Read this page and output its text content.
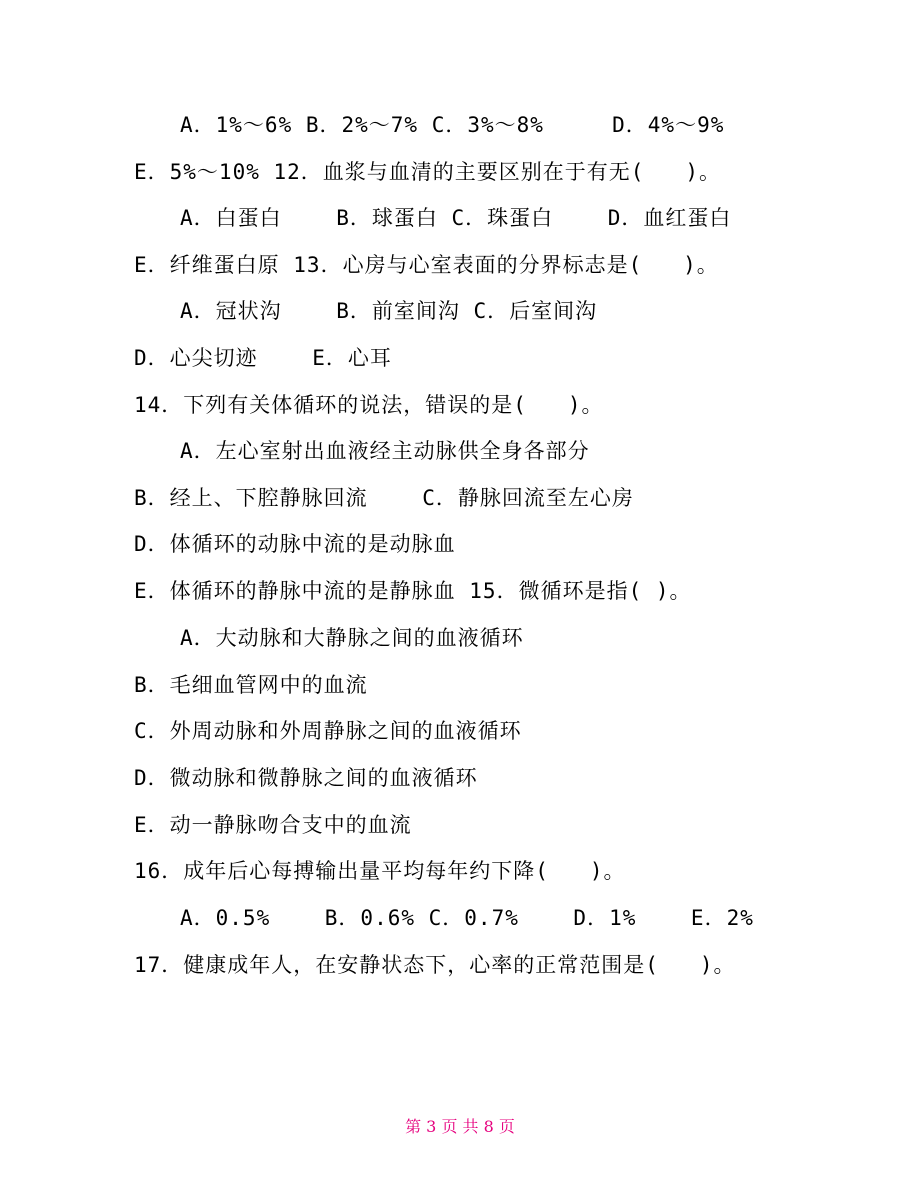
A．1%～6% B．2%～7% C．3%～8%     D．4%～9%
E．5%～10% 12．血浆与血清的主要区别在于有无(   )。
A．白蛋白    B．球蛋白 C．珠蛋白    D．血红蛋白
E．纤维蛋白原 13．心房与心室表面的分界标志是(   )。
A．冠状沟    B．前室间沟 C．后室间沟
D．心尖切迹    E．心耳
14．下列有关体循环的说法，错误的是(   )。
A．左心室射出血液经主动脉供全身各部分
B．经上、下腔静脉回流    C．静脉回流至左心房
D．体循环的动脉中流的是动脉血
E．体循环的静脉中流的是静脉血 15．微循环是指( )。
A．大动脉和大静脉之间的血液循环
B．毛细血管网中的血流
C．外周动脉和外周静脉之间的血液循环
D．微动脉和微静脉之间的血液循环
E．动一静脉吻合支中的血流
16．成年后心每搏输出量平均每年约下降(   )。
A．0.5%    B．0.6% C．0.7%    D．1%    E．2%
17．健康成年人，在安静状态下，心率的正常范围是(   )。
第 3 页 共 8 页
